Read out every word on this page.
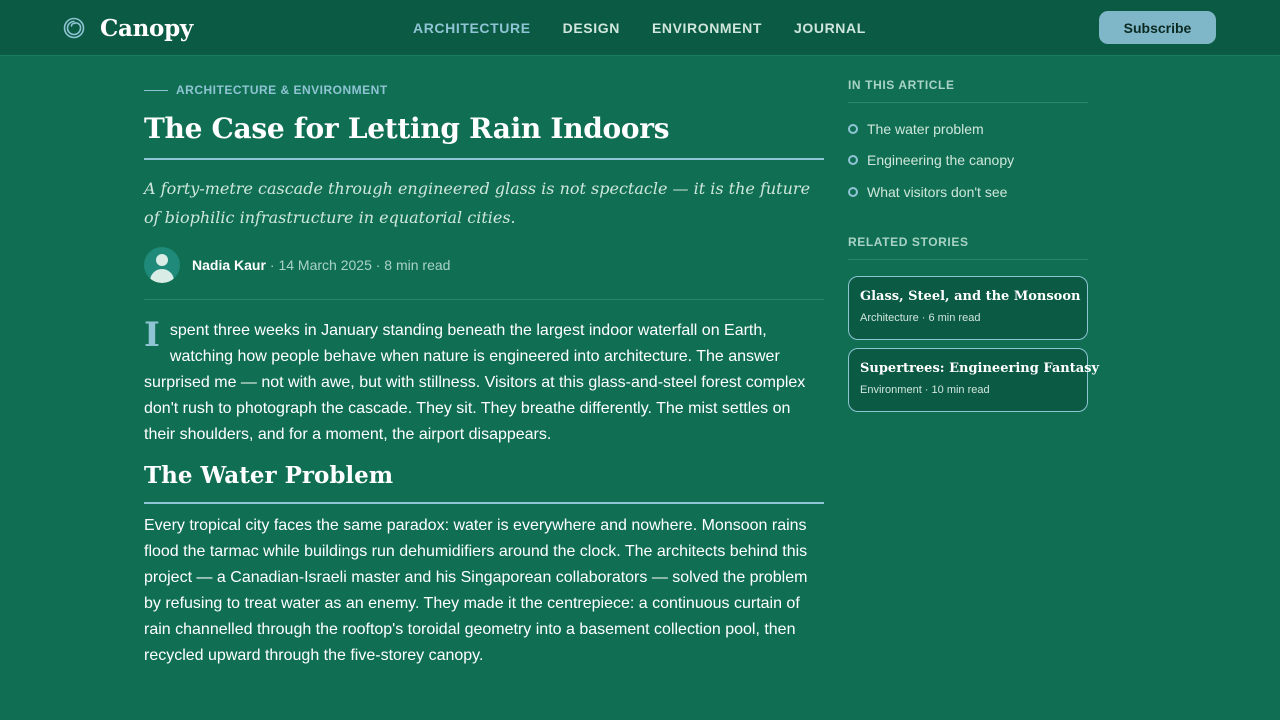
Canopy	ARCHITECTURE DESIGN ENVIRONMENT JOURNAL	Subscribe
ARCHITECTURE & ENVIRONMENT
The Case for Letting Rain Indoors

A forty-metre cascade through engineered glass is not spectacle — it is the future of biophilic infrastructure in equatorial cities.

Nadia Kaur · 14 March 2025 · 8 min read

I spent three weeks in January standing beneath the largest indoor waterfall on Earth, watching how people behave when nature is engineered into architecture. The answer surprised me — not with awe, but with stillness. Visitors at this glass-and-steel forest complex don't rush to photograph the cascade. They sit. They breathe differently. The mist settles on their shoulders, and for a moment, the airport disappears.

The Water Problem

Every tropical city faces the same paradox: water is everywhere and nowhere. Monsoon rains flood the tarmac while buildings run dehumidifiers around the clock. The architects behind this project — a Canadian-Israeli master and his Singaporean collaborators — solved the problem by refusing to treat water as an enemy. They made it the centrepiece: a continuous curtain of rain channelled through the rooftop's toroidal geometry into a basement collection pool, then recycled upward through the five-storey canopy.

IN THIS ARTICLE
The water problem
Engineering the canopy
What visitors don't see
RELATED STORIES
Glass, Steel, and the Monsoon
Architecture · 6 min read
Supertrees: Engineering Fantasy
Environment · 10 min read
